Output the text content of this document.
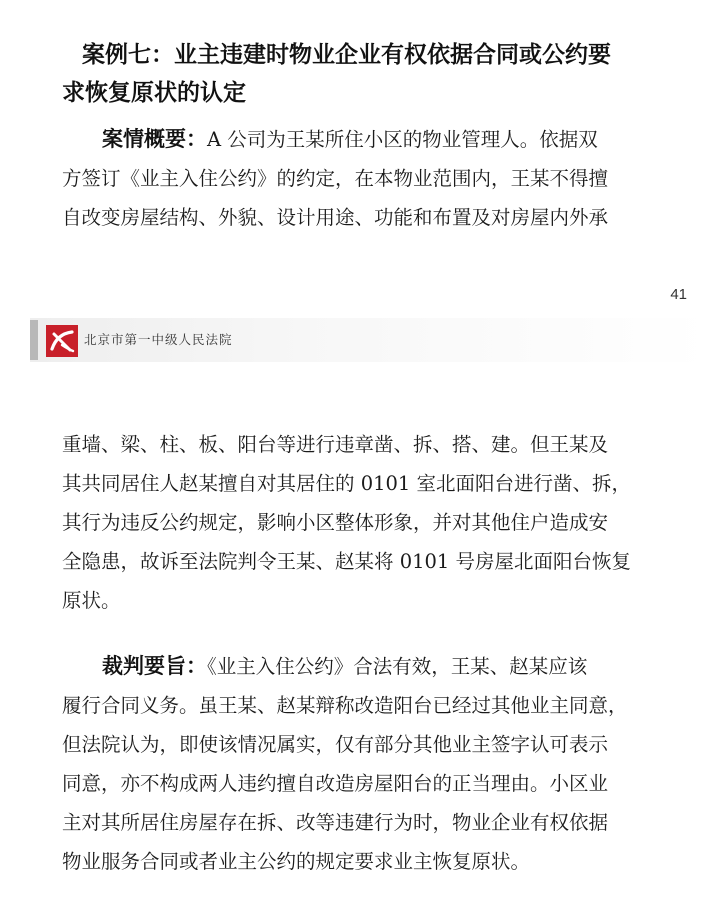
案例七：业主违建时物业企业有权依据合同或公约要
求恢复原状的认定
案情概要：A 公司为王某所住小区的物业管理人。依据双
方签订《业主入住公约》的约定，在本物业范围内，王某不得擅
自改变房屋结构、外貌、设计用途、功能和布置及对房屋内外承
41
北京市第一中级人民法院
重墙、梁、柱、板、阳台等进行违章凿、拆、搭、建。但王某及
其共同居住人赵某擅自对其居住的 0101 室北面阳台进行凿、拆，
其行为违反公约规定，影响小区整体形象，并对其他住户造成安
全隐患，故诉至法院判令王某、赵某将 0101 号房屋北面阳台恢复
原状。
裁判要旨：《业主入住公约》合法有效，王某、赵某应该
履行合同义务。虽王某、赵某辩称改造阳台已经过其他业主同意，
但法院认为，即使该情况属实，仅有部分其他业主签字认可表示
同意，亦不构成两人违约擅自改造房屋阳台的正当理由。小区业
主对其所居住房屋存在拆、改等违建行为时，物业企业有权依据
物业服务合同或者业主公约的规定要求业主恢复原状。
